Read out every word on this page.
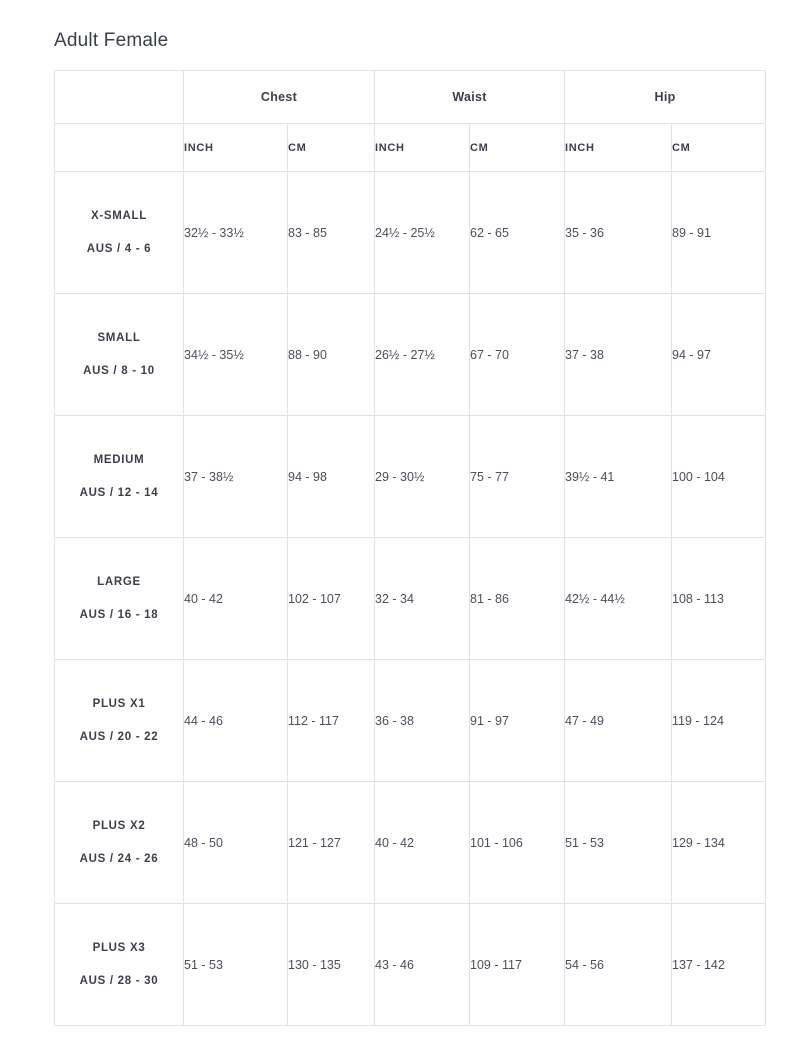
Adult Female
	Chest		Waist		Hip	
	INCH	CM	INCH	CM	INCH	CM
X-SMALL
AUS / 4 - 6	32½ - 33½	83 - 85	24½ - 25½	62 - 65	35 - 36	89 - 91
SMALL
AUS / 8 - 10	34½ - 35½	88 - 90	26½ - 27½	67 - 70	37 - 38	94 - 97
MEDIUM
AUS / 12 - 14	37 - 38½	94 - 98	29 - 30½	75 - 77	39½ - 41	100 - 104
LARGE
AUS / 16 - 18	40 - 42	102 - 107	32 - 34	81 - 86	42½ - 44½	108 - 113
PLUS X1
AUS / 20 - 22	44 - 46	112 - 117	36 - 38	91 - 97	47 - 49	119 - 124
PLUS X2
AUS / 24 - 26	48 - 50	121 - 127	40 - 42	101 - 106	51 - 53	129 - 134
PLUS X3
AUS / 28 - 30	51 - 53	130 - 135	43 - 46	109 - 117	54 - 56	137 - 142
